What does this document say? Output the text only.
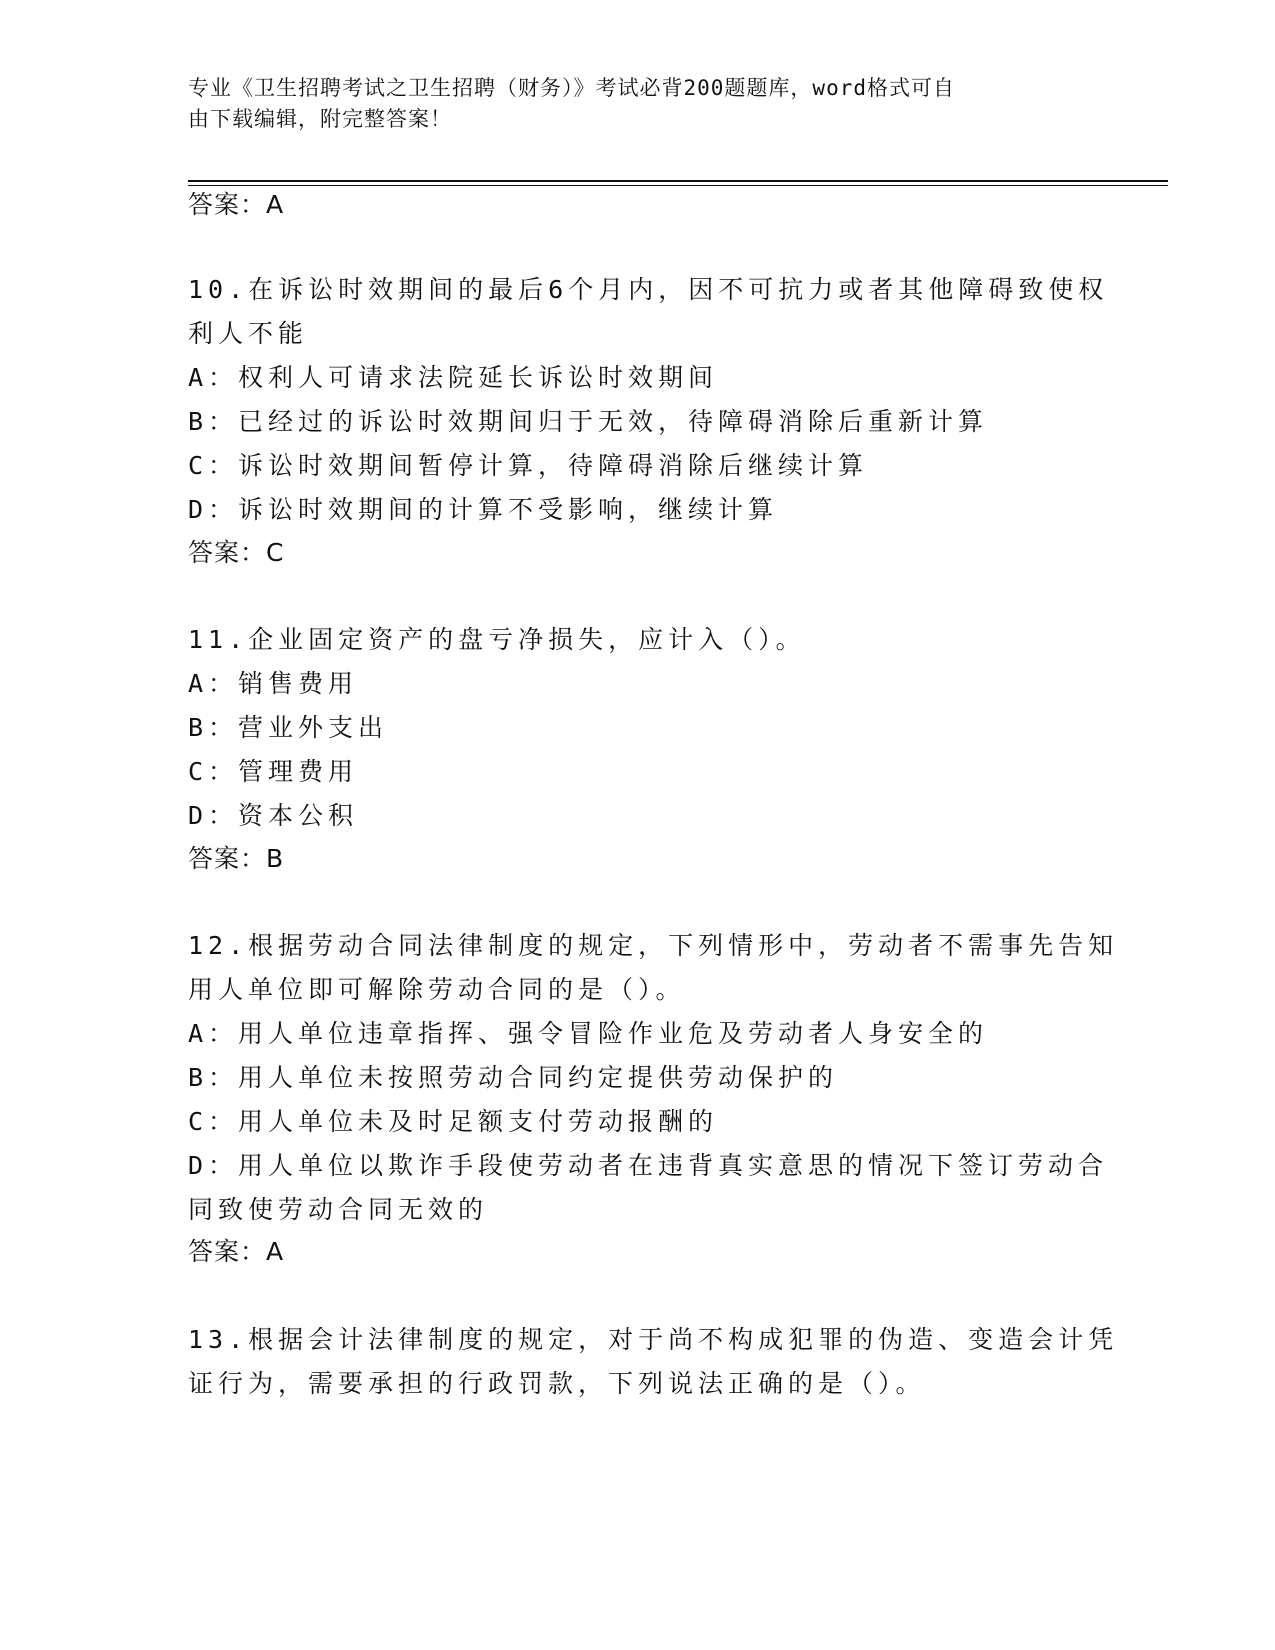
专业《卫生招聘考试之卫生招聘（财务）》考试必背200题题库，word格式可自
由下载编辑，附完整答案！
答案：A
10.在诉讼时效期间的最后6个月内，因不可抗力或者其他障碍致使权
利人不能
A：权利人可请求法院延长诉讼时效期间
B：已经过的诉讼时效期间归于无效，待障碍消除后重新计算
C：诉讼时效期间暂停计算，待障碍消除后继续计算
D：诉讼时效期间的计算不受影响，继续计算
答案：C
11.企业固定资产的盘亏净损失，应计入（）。
A：销售费用
B：营业外支出
C：管理费用
D：资本公积
答案：B
12.根据劳动合同法律制度的规定，下列情形中，劳动者不需事先告知
用人单位即可解除劳动合同的是（）。
A：用人单位违章指挥、强令冒险作业危及劳动者人身安全的
B：用人单位未按照劳动合同约定提供劳动保护的
C：用人单位未及时足额支付劳动报酬的
D：用人单位以欺诈手段使劳动者在违背真实意思的情况下签订劳动合
同致使劳动合同无效的
答案：A
13.根据会计法律制度的规定，对于尚不构成犯罪的伪造、变造会计凭
证行为，需要承担的行政罚款，下列说法正确的是（）。
